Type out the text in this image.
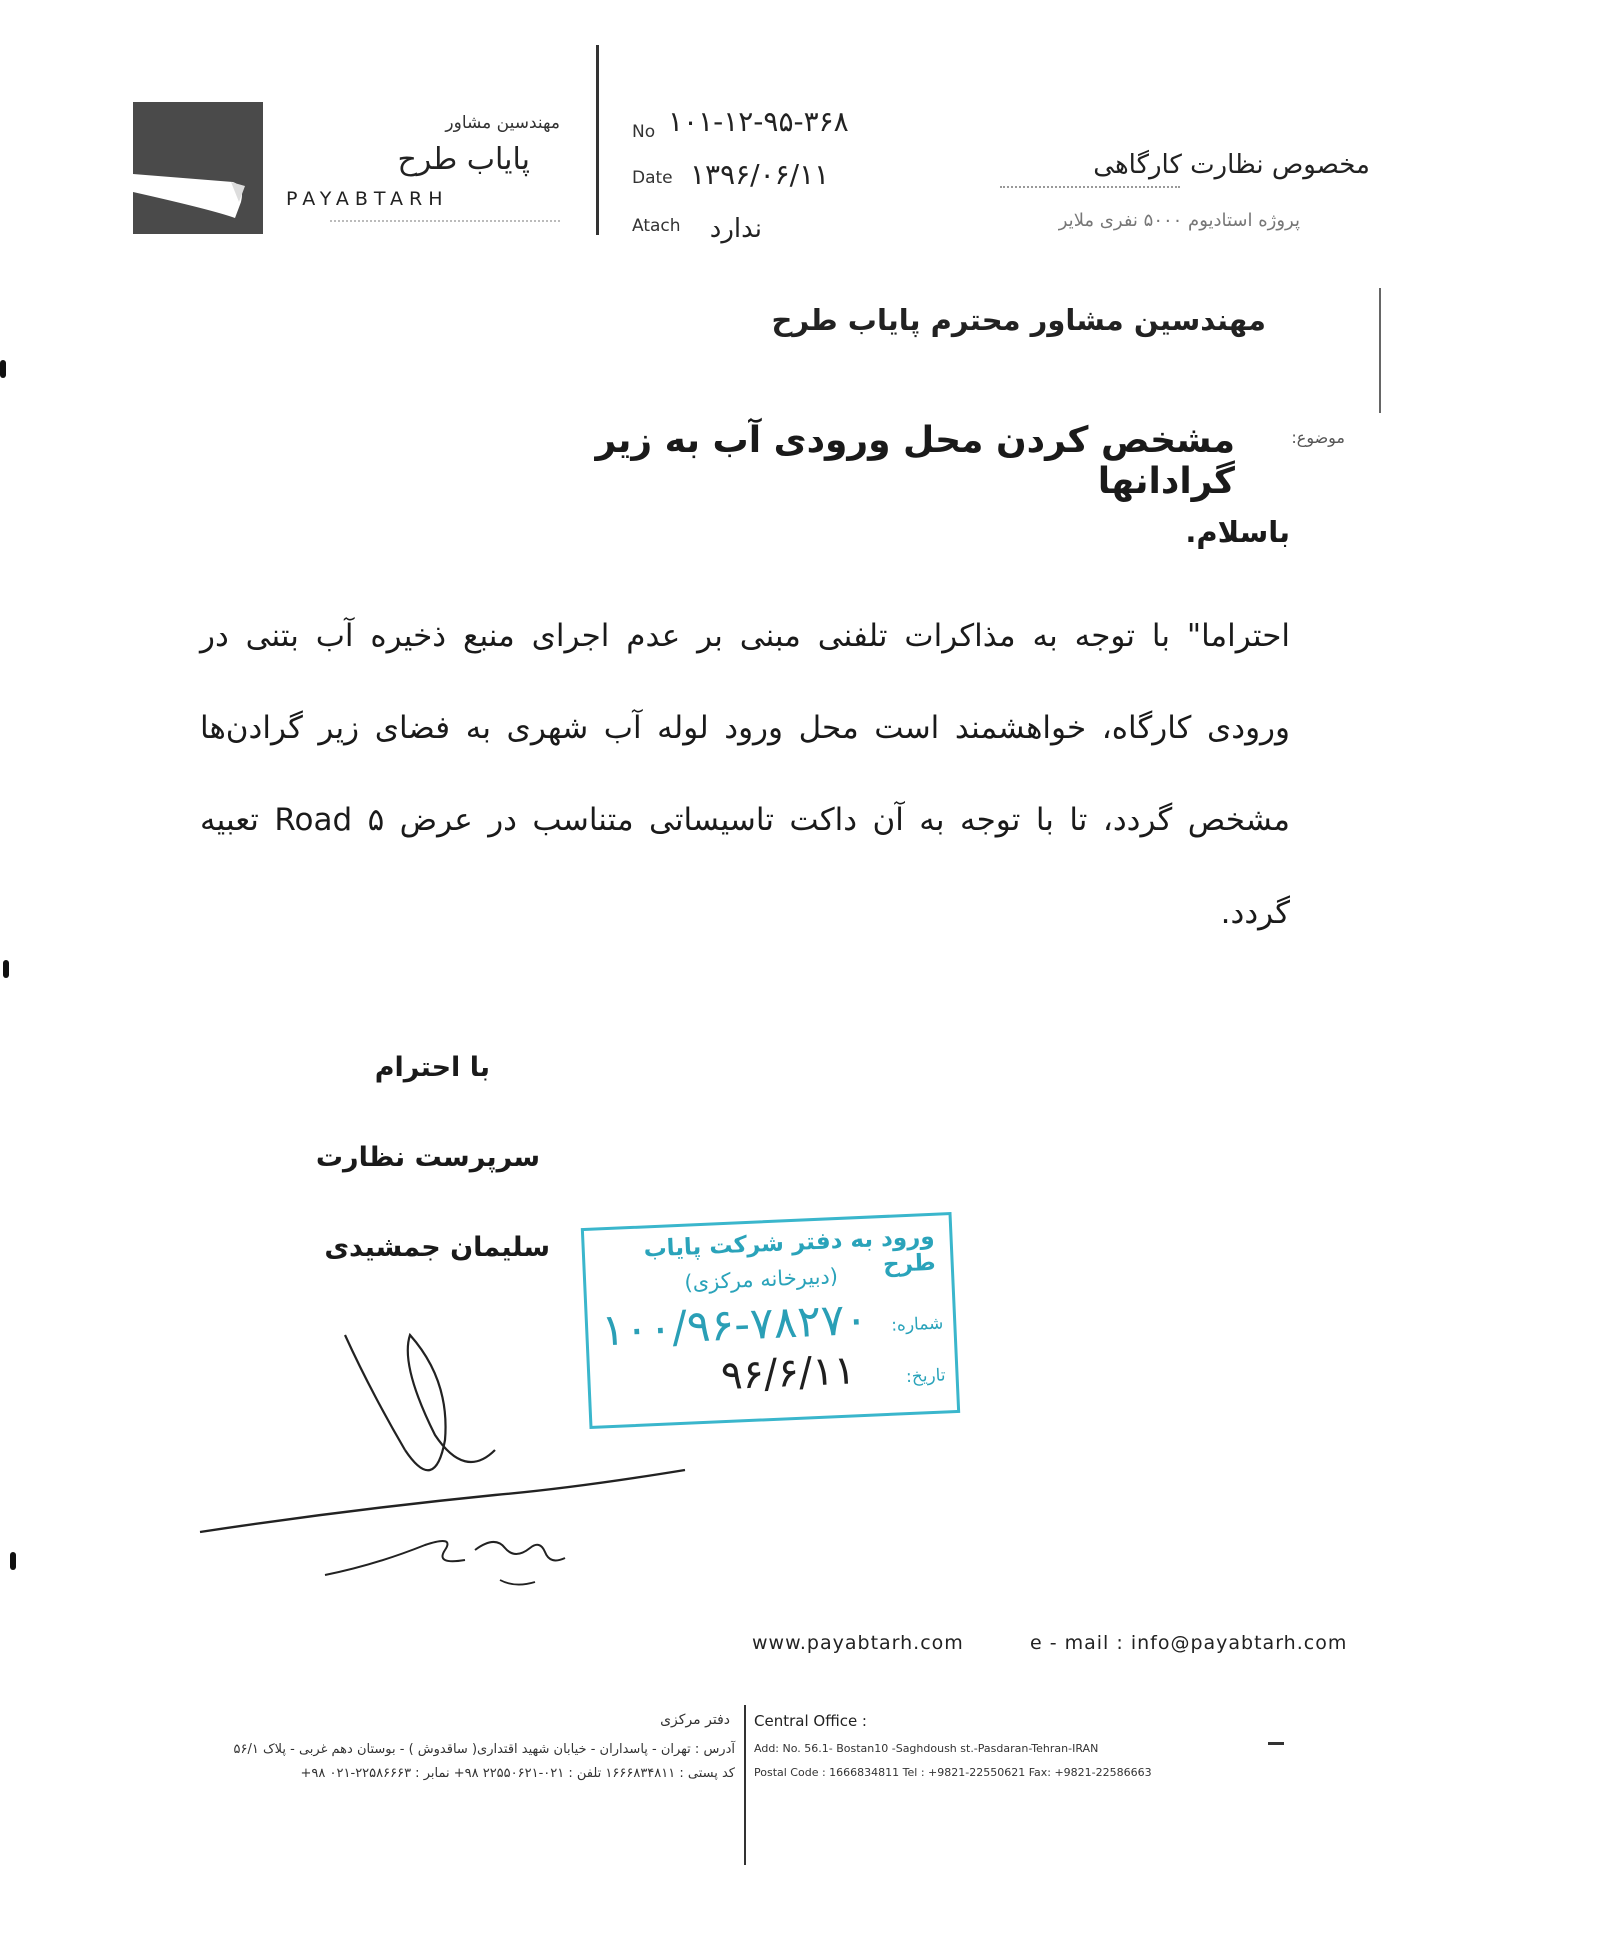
مهندسین مشاور
پایاب طرح
PAYABTARH
No ۱۰۱-۱۲-۹۵-۳۶۸
Date ۱۳۹۶/۰۶/۱۱
Atach	ندارد
مخصوص نظارت کارگاهی
پروژه استادیوم ۵۰۰۰ نفری ملایر
مهندسین مشاور محترم پایاب طرح
موضوع:
مشخص کردن محل ورودی آب به زیر گرادانها
باسلام.
احتراما" با توجه به مذاکرات تلفنی مبنی بر عدم اجرای منبع ذخیره آب بتنی در
ورودی کارگاه، خواهشمند است محل ورود لوله آب شهری به فضای زیر گرادن‌ها
مشخص گردد، تا با توجه به آن داکت تاسیساتی متناسب در عرض ۵ Road تعبیه
گردد.
با احترام
سرپرست نظارت
سلیمان جمشیدی	ورود به دفتر شرکت پایاب طرح
(دبیرخانه مرکزی)
شماره:
۱۰۰/۹۶-۷۸۲۷۰
تاریخ:
۹۶/۶/۱۱
www.payabtarh.com	e - mail : info@payabtarh.com
دفتر مرکزی
آدرس : تهران - پاسداران - خیابان شهید اقتداری( ساقدوش ) - بوستان دهم غربی - پلاک ۵۶/۱
کد پستی : ۱۶۶۶۸۳۴۸۱۱ تلفن : ۰۲۱-۲۲۵۵۰۶۲۱ ۹۸+ نمابر : ۲۲۵۸۶۶۶۳-۰۲۱ ۹۸+
Central Office :
Add: No. 56.1- Bostan10 -Saghdoush st.-Pasdaran-Tehran-IRAN
Postal Code : 1666834811 Tel : +9821-22550621 Fax: +9821-22586663
